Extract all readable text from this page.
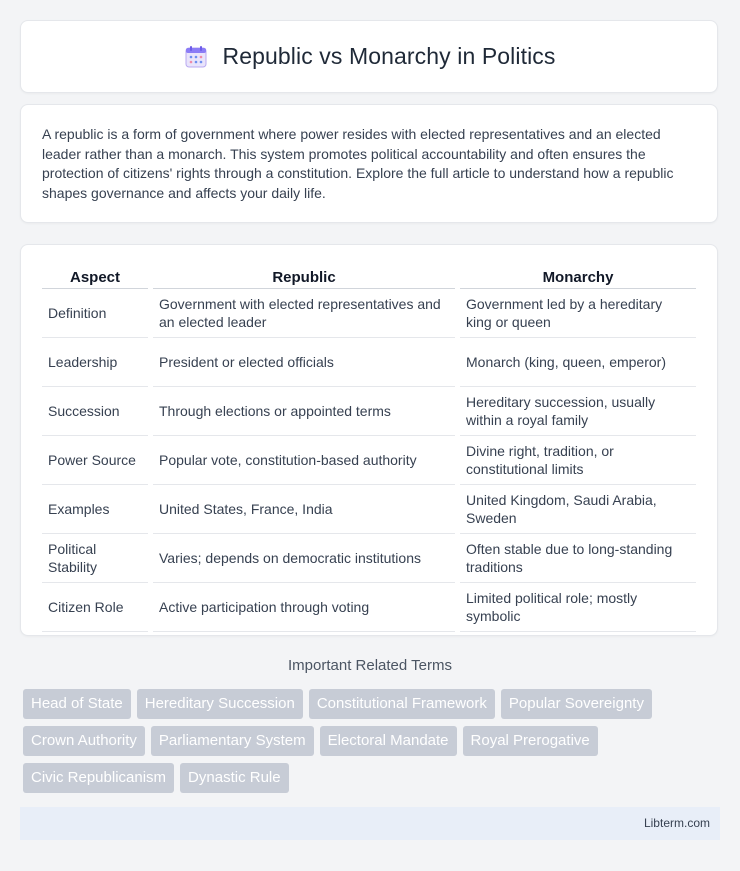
Republic vs Monarchy in Politics

A republic is a form of government where power resides with elected representatives and an elected leader rather than a monarch. This system promotes political accountability and often ensures the protection of citizens' rights through a constitution. Explore the full article to understand how a republic shapes governance and affects your daily life.

Aspect	Republic	Monarchy
Definition	Government with elected representatives and an elected leader	Government led by a hereditary king or queen
Leadership	President or elected officials	Monarch (king, queen, emperor)
Succession	Through elections or appointed terms	Hereditary succession, usually within a royal family
Power Source	Popular vote, constitution-based authority	Divine right, tradition, or constitutional limits
Examples	United States, France, India	United Kingdom, Saudi Arabia, Sweden
Political Stability	Varies; depends on democratic institutions	Often stable due to long-standing traditions
Citizen Role	Active participation through voting	Limited political role; mostly symbolic
Important Related Terms
Head of State	Hereditary Succession	Constitutional Framework	Popular Sovereignty
Crown Authority	Parliamentary System	Electoral Mandate	Royal Prerogative
Civic Republicanism	Dynastic Rule
Libterm.com
